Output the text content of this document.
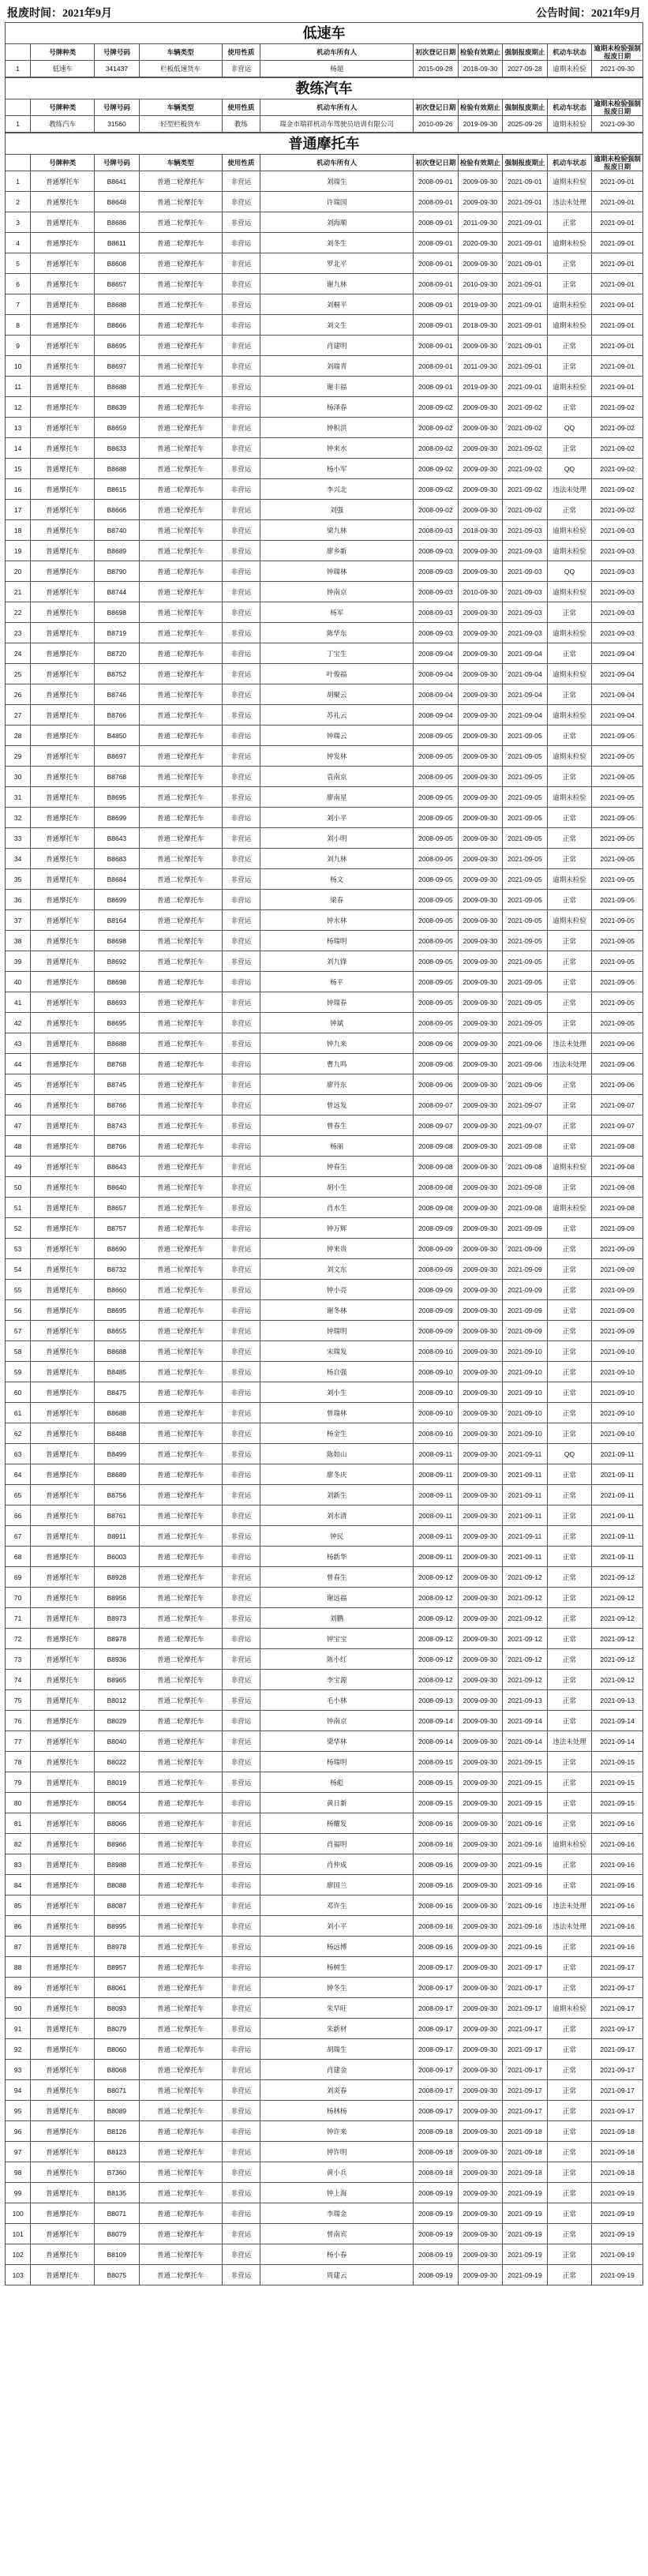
报废时间：2021年9月	公告时间：2021年9月
低速车
	号牌种类	号牌号码	车辆类型	使用性质	机动车所有人	初次登记日期	检验有效期止	强制报废期止	机动车状态	逾期未检验强制报废日期
1	低速车	341437	栏板低速货车	非营运	杨超	2015-09-28	2018-09-30	2027-09-28	逾期未检验	2021-09-30
教练汽车
	号牌种类	号牌号码	车辆类型	使用性质	机动车所有人	初次登记日期	检验有效期止	强制报废期止	机动车状态	逾期未检验强制报废日期
1	教练汽车	31560	轻型栏板货车	教练	瑞金市瑞祥机动车驾驶员培训有限公司	2010-09-26	2019-09-30	2025-09-26	逾期未检验	2021-09-30
普通摩托车
	号牌种类	号牌号码	车辆类型	使用性质	机动车所有人	初次登记日期	检验有效期止	强制报废期止	机动车状态	逾期未检验强制报废日期
1	普通摩托车	B8641	普通二轮摩托车	非营运	刘瑞生	2008-09-01	2009-09-30	2021-09-01	逾期未检验	2021-09-01
2	普通摩托车	B8648	普通二轮摩托车	非营运	许瑞国	2008-09-01	2009-09-30	2021-09-01	违法未处理	2021-09-01
3	普通摩托车	B8686	普通二轮摩托车	非营运	刘海顺	2008-09-01	2011-09-30	2021-09-01	正常	2021-09-01
4	普通摩托车	B8611	普通二轮摩托车	非营运	刘冬生	2008-09-01	2020-09-30	2021-09-01	逾期未检验	2021-09-01
5	普通摩托车	B8608	普通二轮摩托车	非营运	罗北平	2008-09-01	2009-09-30	2021-09-01	正常	2021-09-01
6	普通摩托车	B8657	普通二轮摩托车	非营运	谢九林	2008-09-01	2010-09-30	2021-09-01	正常	2021-09-01
7	普通摩托车	B8688	普通二轮摩托车	非营运	刘桐平	2008-09-01	2019-09-30	2021-09-01	逾期未检验	2021-09-01
8	普通摩托车	B8666	普通二轮摩托车	非营运	刘文生	2008-09-01	2018-09-30	2021-09-01	逾期未检验	2021-09-01
9	普通摩托车	B8695	普通二轮摩托车	非营运	肖建明	2008-09-01	2009-09-30	2021-09-01	正常	2021-09-01
10	普通摩托车	B8697	普通二轮摩托车	非营运	刘瑞青	2008-09-01	2011-09-30	2021-09-01	正常	2021-09-01
11	普通摩托车	B8688	普通二轮摩托车	非营运	谢丰福	2008-09-01	2019-09-30	2021-09-01	逾期未检验	2021-09-01
12	普通摩托车	B8639	普通二轮摩托车	非营运	杨泽春	2008-09-02	2009-09-30	2021-09-02	正常	2021-09-02
13	普通摩托车	B8659	普通二轮摩托车	非营运	钟积洪	2008-09-02	2009-09-30	2021-09-02	QQ	2021-09-02
14	普通摩托车	B8633	普通二轮摩托车	非营运	钟来水	2008-09-02	2009-09-30	2021-09-02	正常	2021-09-02
15	普通摩托车	B8688	普通二轮摩托车	非营运	杨小军	2008-09-02	2009-09-30	2021-09-02	QQ	2021-09-02
16	普通摩托车	B8615	普通二轮摩托车	非营运	李兴北	2008-09-02	2009-09-30	2021-09-02	违法未处理	2021-09-02
17	普通摩托车	B8666	普通二轮摩托车	非营运	刘强	2008-09-02	2009-09-30	2021-09-02	正常	2021-09-02
18	普通摩托车	B8740	普通二轮摩托车	非营运	梁九林	2008-09-03	2018-09-30	2021-09-03	逾期未检验	2021-09-03
19	普通摩托车	B8689	普通二轮摩托车	非营运	廖乡新	2008-09-03	2009-09-30	2021-09-03	逾期未检验	2021-09-03
20	普通摩托车	B8790	普通二轮摩托车	非营运	钟瑞林	2008-09-03	2009-09-30	2021-09-03	QQ	2021-09-03
21	普通摩托车	B8744	普通二轮摩托车	非营运	钟南京	2008-09-03	2010-09-30	2021-09-03	逾期未检验	2021-09-03
22	普通摩托车	B8698	普通二轮摩托车	非营运	杨军	2008-09-03	2009-09-30	2021-09-03	正常	2021-09-03
23	普通摩托车	B8719	普通二轮摩托车	非营运	陈华东	2008-09-03	2009-09-30	2021-09-03	逾期未检验	2021-09-03
24	普通摩托车	B8720	普通二轮摩托车	非营运	丁宝生	2008-09-04	2009-09-30	2021-09-04	正常	2021-09-04
25	普通摩托车	B8752	普通二轮摩托车	非营运	叶俊福	2008-09-04	2009-09-30	2021-09-04	逾期未检验	2021-09-04
26	普通摩托车	B8746	普通二轮摩托车	非营运	胡聚云	2008-09-04	2009-09-30	2021-09-04	正常	2021-09-04
27	普通摩托车	B8766	普通二轮摩托车	非营运	苏礼云	2008-09-04	2009-09-30	2021-09-04	逾期未检验	2021-09-04
28	普通摩托车	B4850	普通二轮摩托车	非营运	钟瑞云	2008-09-05	2009-09-30	2021-09-05	正常	2021-09-05
29	普通摩托车	B8697	普通二轮摩托车	非营运	钟发林	2008-09-05	2009-09-30	2021-09-05	逾期未检验	2021-09-05
30	普通摩托车	B8768	普通二轮摩托车	非营运	袁南京	2008-09-05	2009-09-30	2021-09-05	正常	2021-09-05
31	普通摩托车	B8695	普通二轮摩托车	非营运	廖南星	2008-09-05	2009-09-30	2021-09-05	逾期未检验	2021-09-05
32	普通摩托车	B8699	普通二轮摩托车	非营运	刘小平	2008-09-05	2009-09-30	2021-09-05	正常	2021-09-05
33	普通摩托车	B8643	普通二轮摩托车	非营运	刘小明	2008-09-05	2009-09-30	2021-09-05	正常	2021-09-05
34	普通摩托车	B8683	普通二轮摩托车	非营运	刘九林	2008-09-05	2009-09-30	2021-09-05	正常	2021-09-05
35	普通摩托车	B8684	普通二轮摩托车	非营运	杨文	2008-09-05	2009-09-30	2021-09-05	逾期未检验	2021-09-05
36	普通摩托车	B8699	普通二轮摩托车	非营运	梁春	2008-09-05	2009-09-30	2021-09-05	正常	2021-09-05
37	普通摩托车	B8164	普通二轮摩托车	非营运	钟水林	2008-09-05	2009-09-30	2021-09-05	逾期未检验	2021-09-05
38	普通摩托车	B8698	普通二轮摩托车	非营运	杨瑞明	2008-09-05	2009-09-30	2021-09-05	正常	2021-09-05
39	普通摩托车	B8692	普通二轮摩托车	非营运	刘九锋	2008-09-05	2009-09-30	2021-09-05	正常	2021-09-05
40	普通摩托车	B8698	普通二轮摩托车	非营运	杨平	2008-09-05	2009-09-30	2021-09-05	正常	2021-09-05
41	普通摩托车	B8693	普通二轮摩托车	非营运	钟瑞春	2008-09-05	2009-09-30	2021-09-05	正常	2021-09-05
42	普通摩托车	B8695	普通二轮摩托车	非营运	钟斌	2008-09-05	2009-09-30	2021-09-05	正常	2021-09-05
43	普通摩托车	B8688	普通二轮摩托车	非营运	钟九来	2008-09-06	2009-09-30	2021-09-06	违法未处理	2021-09-06
44	普通摩托车	B8768	普通二轮摩托车	非营运	曹九鸣	2008-09-06	2009-09-30	2021-09-06	违法未处理	2021-09-06
45	普通摩托车	B8745	普通二轮摩托车	非营运	廖丹东	2008-09-06	2009-09-30	2021-09-06	正常	2021-09-06
46	普通摩托车	B8766	普通二轮摩托车	非营运	曾远发	2008-09-07	2009-09-30	2021-09-07	正常	2021-09-07
47	普通摩托车	B8743	普通二轮摩托车	非营运	曾春生	2008-09-07	2009-09-30	2021-09-07	正常	2021-09-07
48	普通摩托车	B8766	普通二轮摩托车	非营运	杨丽	2008-09-08	2009-09-30	2021-09-08	正常	2021-09-08
49	普通摩托车	B8643	普通二轮摩托车	非营运	钟春生	2008-09-08	2009-09-30	2021-09-08	逾期未检验	2021-09-08
50	普通摩托车	B8640	普通二轮摩托车	非营运	胡小生	2008-09-08	2009-09-30	2021-09-08	正常	2021-09-08
51	普通摩托车	B8657	普通二轮摩托车	非营运	肖水生	2008-09-08	2009-09-30	2021-09-08	逾期未检验	2021-09-08
52	普通摩托车	B8757	普通二轮摩托车	非营运	钟万辉	2008-09-09	2009-09-30	2021-09-09	正常	2021-09-09
53	普通摩托车	B8690	普通二轮摩托车	非营运	钟来贵	2008-09-09	2009-09-30	2021-09-09	正常	2021-09-09
54	普通摩托车	B8732	普通二轮摩托车	非营运	刘文东	2008-09-09	2009-09-30	2021-09-09	正常	2021-09-09
55	普通摩托车	B8660	普通二轮摩托车	非营运	钟小亮	2008-09-09	2009-09-30	2021-09-09	正常	2021-09-09
56	普通摩托车	B8695	普通二轮摩托车	非营运	谢冬林	2008-09-09	2009-09-30	2021-09-09	正常	2021-09-09
57	普通摩托车	B8655	普通二轮摩托车	非营运	钟瑞明	2008-09-09	2009-09-30	2021-09-09	正常	2021-09-09
58	普通摩托车	B8688	普通二轮摩托车	非营运	宋瑞发	2008-09-10	2009-09-30	2021-09-10	正常	2021-09-10
59	普通摩托车	B8485	普通二轮摩托车	非营运	杨自强	2008-09-10	2009-09-30	2021-09-10	正常	2021-09-10
60	普通摩托车	B8475	普通二轮摩托车	非营运	刘小生	2008-09-10	2009-09-30	2021-09-10	正常	2021-09-10
61	普通摩托车	B8688	普通二轮摩托车	非营运	曾瑞林	2008-09-10	2009-09-30	2021-09-10	正常	2021-09-10
62	普通摩托车	B8488	普通二轮摩托车	非营运	杨金生	2008-09-10	2009-09-30	2021-09-10	正常	2021-09-10
63	普通摩托车	B8499	普通二轮摩托车	非营运	陈如山	2008-09-11	2009-09-30	2021-09-11	QQ	2021-09-11
64	普通摩托车	B8689	普通二轮摩托车	非营运	廖冬庆	2008-09-11	2009-09-30	2021-09-11	正常	2021-09-11
65	普通摩托车	B8756	普通二轮摩托车	非营运	刘新生	2008-09-11	2009-09-30	2021-09-11	正常	2021-09-11
66	普通摩托车	B8761	普通二轮摩托车	非营运	刘水清	2008-09-11	2009-09-30	2021-09-11	正常	2021-09-11
67	普通摩托车	B8911	普通二轮摩托车	非营运	钟民	2008-09-11	2009-09-30	2021-09-11	正常	2021-09-11
68	普通摩托车	B6003	普通二轮摩托车	非营运	杨新华	2008-09-11	2009-09-30	2021-09-11	正常	2021-09-11
69	普通摩托车	B8928	普通二轮摩托车	非营运	曾春生	2008-09-12	2009-09-30	2021-09-12	正常	2021-09-12
70	普通摩托车	B8956	普通二轮摩托车	非营运	谢远福	2008-09-12	2009-09-30	2021-09-12	正常	2021-09-12
71	普通摩托车	B8973	普通二轮摩托车	非营运	刘鹏	2008-09-12	2009-09-30	2021-09-12	正常	2021-09-12
72	普通摩托车	B8978	普通二轮摩托车	非营运	钟宝宝	2008-09-12	2009-09-30	2021-09-12	正常	2021-09-12
73	普通摩托车	B8936	普通二轮摩托车	非营运	陈小红	2008-09-12	2009-09-30	2021-09-12	正常	2021-09-12
74	普通摩托车	B8965	普通二轮摩托车	非营运	李宝源	2008-09-12	2009-09-30	2021-09-12	正常	2021-09-12
75	普通摩托车	B8012	普通二轮摩托车	非营运	毛小林	2008-09-13	2009-09-30	2021-09-13	正常	2021-09-13
76	普通摩托车	B8029	普通二轮摩托车	非营运	钟南京	2008-09-14	2009-09-30	2021-09-14	正常	2021-09-14
77	普通摩托车	B8040	普通二轮摩托车	非营运	梁华林	2008-09-14	2009-09-30	2021-09-14	违法未处理	2021-09-14
78	普通摩托车	B8022	普通二轮摩托车	非营运	杨瑞明	2008-09-15	2009-09-30	2021-09-15	正常	2021-09-15
79	普通摩托车	B8019	普通二轮摩托车	非营运	杨彪	2008-09-15	2009-09-30	2021-09-15	正常	2021-09-15
80	普通摩托车	B8054	普通二轮摩托车	非营运	黄日新	2008-09-15	2009-09-30	2021-09-15	正常	2021-09-15
81	普通摩托车	B8066	普通二轮摩托车	非营运	杨耀发	2008-09-16	2009-09-30	2021-09-16	正常	2021-09-16
82	普通摩托车	B8966	普通二轮摩托车	非营运	肖福明	2008-09-16	2009-09-30	2021-09-16	逾期未检验	2021-09-16
83	普通摩托车	B8988	普通二轮摩托车	非营运	肖仲成	2008-09-16	2009-09-30	2021-09-16	正常	2021-09-16
84	普通摩托车	B8088	普通二轮摩托车	非营运	廖国兰	2008-09-16	2009-09-30	2021-09-16	正常	2021-09-16
85	普通摩托车	B8087	普通二轮摩托车	非营运	邓许生	2008-09-16	2009-09-30	2021-09-16	违法未处理	2021-09-16
86	普通摩托车	B8995	普通二轮摩托车	非营运	刘小平	2008-09-16	2009-09-30	2021-09-16	违法未处理	2021-09-16
87	普通摩托车	B8978	普通二轮摩托车	非营运	杨远博	2008-09-16	2009-09-30	2021-09-16	正常	2021-09-16
88	普通摩托车	B8957	普通二轮摩托车	非营运	杨树生	2008-09-17	2009-09-30	2021-09-17	正常	2021-09-17
89	普通摩托车	B8061	普通二轮摩托车	非营运	钟冬生	2008-09-17	2009-09-30	2021-09-17	正常	2021-09-17
90	普通摩托车	B8093	普通二轮摩托车	非营运	朱早旺	2008-09-17	2009-09-30	2021-09-17	逾期未检验	2021-09-17
91	普通摩托车	B8079	普通二轮摩托车	非营运	朱新材	2008-09-17	2009-09-30	2021-09-17	正常	2021-09-17
92	普通摩托车	B8060	普通二轮摩托车	非营运	胡瑞生	2008-09-17	2009-09-30	2021-09-17	正常	2021-09-17
93	普通摩托车	B8068	普通二轮摩托车	非营运	肖建金	2008-09-17	2009-09-30	2021-09-17	正常	2021-09-17
94	普通摩托车	B8071	普通二轮摩托车	非营运	刘炎春	2008-09-17	2009-09-30	2021-09-17	正常	2021-09-17
95	普通摩托车	B8089	普通二轮摩托车	非营运	杨林杨	2008-09-17	2009-09-30	2021-09-17	正常	2021-09-17
96	普通摩托车	B8126	普通二轮摩托车	非营运	钟许来	2008-09-18	2009-09-30	2021-09-18	正常	2021-09-18
97	普通摩托车	B8123	普通二轮摩托车	非营运	钟许明	2008-09-18	2009-09-30	2021-09-18	正常	2021-09-18
98	普通摩托车	B7360	普通二轮摩托车	非营运	黄小兵	2008-09-18	2009-09-30	2021-09-18	正常	2021-09-18
99	普通摩托车	B8135	普通二轮摩托车	非营运	钟上海	2008-09-19	2009-09-30	2021-09-19	正常	2021-09-19
100	普通摩托车	B8071	普通二轮摩托车	非营运	李瑞金	2008-09-19	2009-09-30	2021-09-19	正常	2021-09-19
101	普通摩托车	B8079	普通二轮摩托车	非营运	曾南宾	2008-09-19	2009-09-30	2021-09-19	正常	2021-09-19
102	普通摩托车	B8109	普通二轮摩托车	非营运	杨小春	2008-09-19	2009-09-30	2021-09-19	正常	2021-09-19
103	普通摩托车	B8075	普通二轮摩托车	非营运	周建云	2008-09-19	2009-09-30	2021-09-19	正常	2021-09-19
